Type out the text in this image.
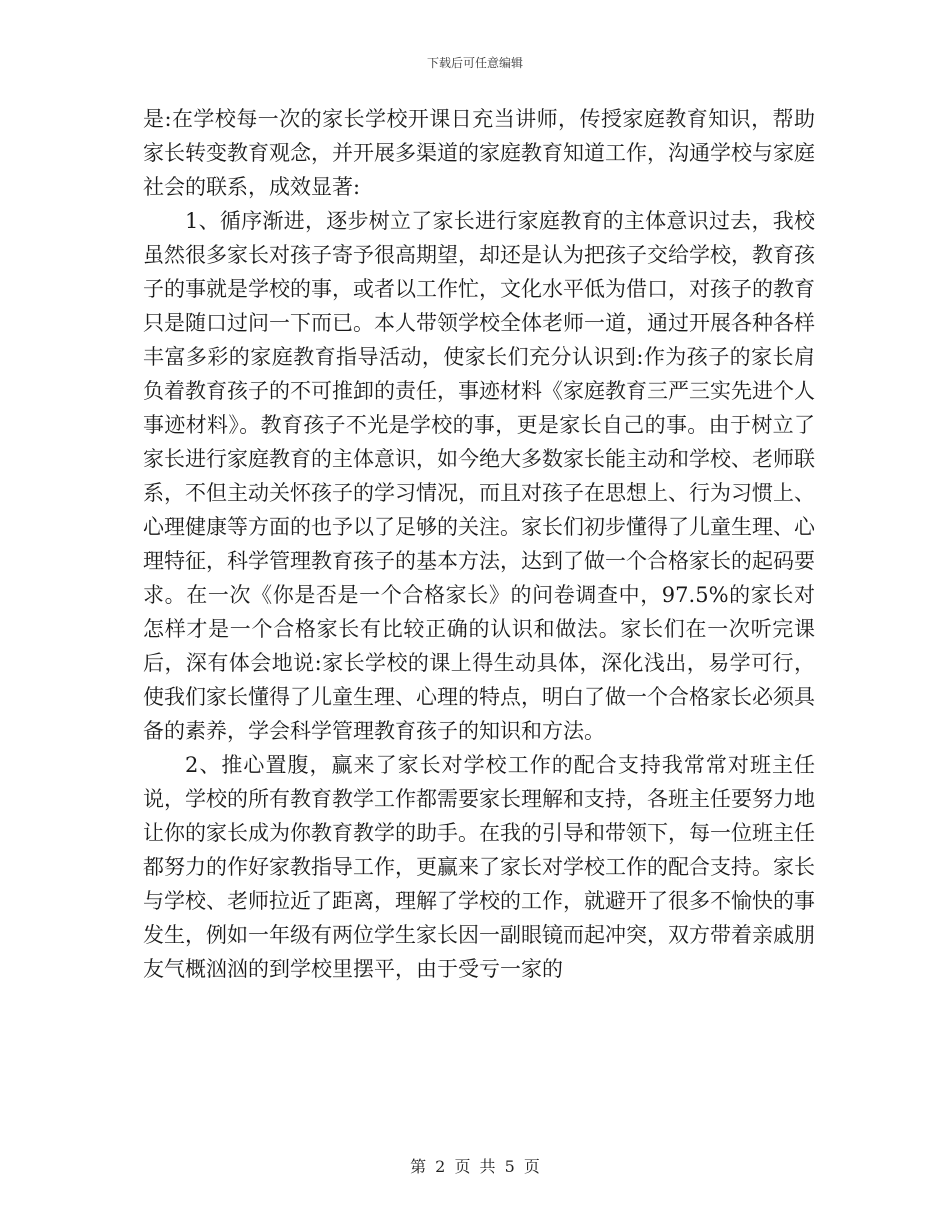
下载后可任意编辑

是:在学校每一次的家长学校开课日充当讲师，传授家庭教育知识，帮助家长转变教育观念，并开展多渠道的家庭教育知道工作，沟通学校与家庭社会的联系，成效显著:

1、循序渐进，逐步树立了家长进行家庭教育的主体意识过去，我校虽然很多家长对孩子寄予很高期望，却还是认为把孩子交给学校，教育孩子的事就是学校的事，或者以工作忙，文化水平低为借口，对孩子的教育只是随口过问一下而已。本人带领学校全体老师一道，通过开展各种各样丰富多彩的家庭教育指导活动，使家长们充分认识到:作为孩子的家长肩负着教育孩子的不可推卸的责任，事迹材料《家庭教育三严三实先进个人事迹材料》。教育孩子不光是学校的事，更是家长自己的事。由于树立了家长进行家庭教育的主体意识，如今绝大多数家长能主动和学校、老师联系，不但主动关怀孩子的学习情况，而且对孩子在思想上、行为习惯上、心理健康等方面的也予以了足够的关注。家长们初步懂得了儿童生理、心理特征，科学管理教育孩子的基本方法，达到了做一个合格家长的起码要求。在一次《你是否是一个合格家长》的问卷调查中，97.5%的家长对怎样才是一个合格家长有比较正确的认识和做法。家长们在一次听完课后，深有体会地说:家长学校的课上得生动具体，深化浅出，易学可行，使我们家长懂得了儿童生理、心理的特点，明白了做一个合格家长必须具备的素养，学会科学管理教育孩子的知识和方法。

2、推心置腹，赢来了家长对学校工作的配合支持我常常对班主任说，学校的所有教育教学工作都需要家长理解和支持，各班主任要努力地让你的家长成为你教育教学的助手。在我的引导和带领下，每一位班主任都努力的作好家教指导工作，更赢来了家长对学校工作的配合支持。家长与学校、老师拉近了距离，理解了学校的工作，就避开了很多不愉快的事发生，例如一年级有两位学生家长因一副眼镜而起冲突，双方带着亲戚朋友气概汹汹的到学校里摆平，由于受亏一家的

第 2 页 共 5 页
